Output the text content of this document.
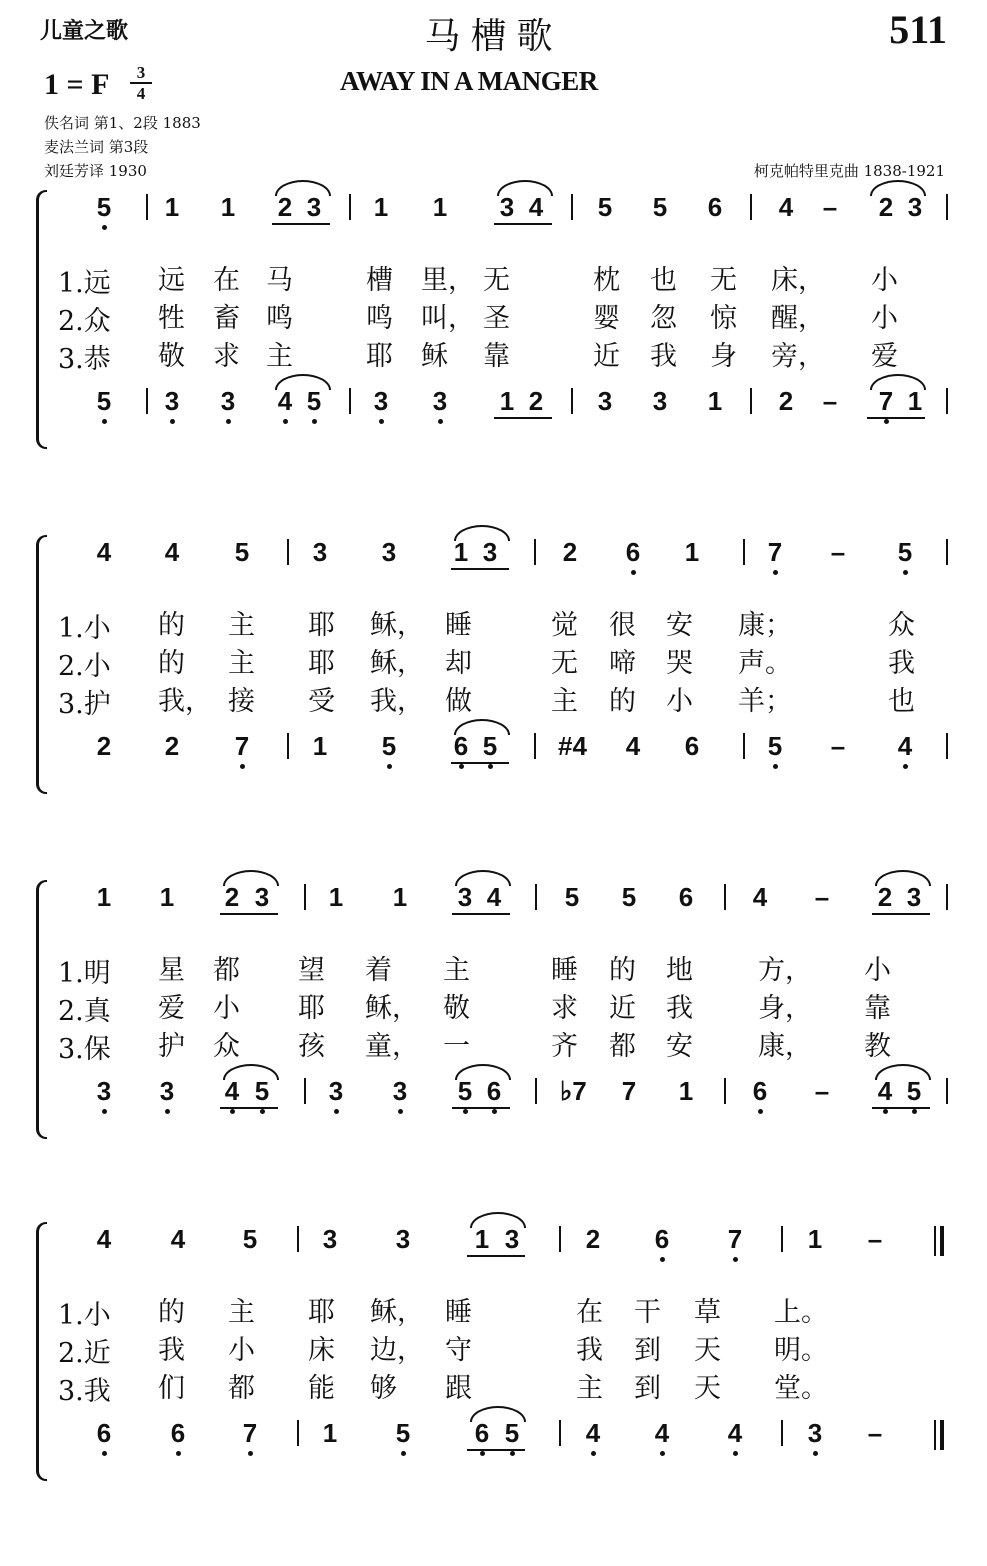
儿童之歌	马槽歌	511
1 = F	3
4	AWAY IN A MANGER
佚名词 第1、2段 1883
麦法兰词 第3段
刘廷芳译 1930	柯克帕特里克曲 1838-1921
5 1 1 2 3 1 1 3 4 5 5 6 4 – 2 3
5 3 3 4 5 3 3 1 2 3 3 1 2 – 7 1
1.远 远 在 马	槽 里， 无	枕 也 无 床， 小
2.众 牲 畜 鸣	鸣 叫， 圣	婴 忽 惊 醒， 小
3.恭 敬 求 主	耶 稣 靠	近 我 身 旁， 爱
4 4 5 3 3 1 3	2 6 1	7 – 5
2 2 7 1 5 6 5 #4 4 6	5 – 4
1.小 的 主 耶 稣， 睡	觉 很 安 康；	众
2.小 的 主 耶 稣， 却	无 啼 哭 声。	我
3.护 我， 接 受 我， 做	主 的 小 羊；	也
1 1 2 3 1 1 3 4 5 5 6 4 – 2 3
3 3 4 5 3 3 5 6 ♭7 7 1 6 – 4 5
1.明 星 都 望 着 主	睡 的 地 方， 小
2.真 爱 小 耶 稣， 敬	求 近 我 身， 靠
3.保 护 众 孩 童， 一	齐 都 安 康， 教
4 4 5	3 3 1 3	2 6 7	1 –
6 6 7	1 5 6 5	4 4 4	3 –
1.小 的 主 耶 稣， 睡	在 干 草 上。
2.近 我 小 床 边， 守	我 到 天 明。
3.我 们 都 能 够 跟	主 到 天 堂。
